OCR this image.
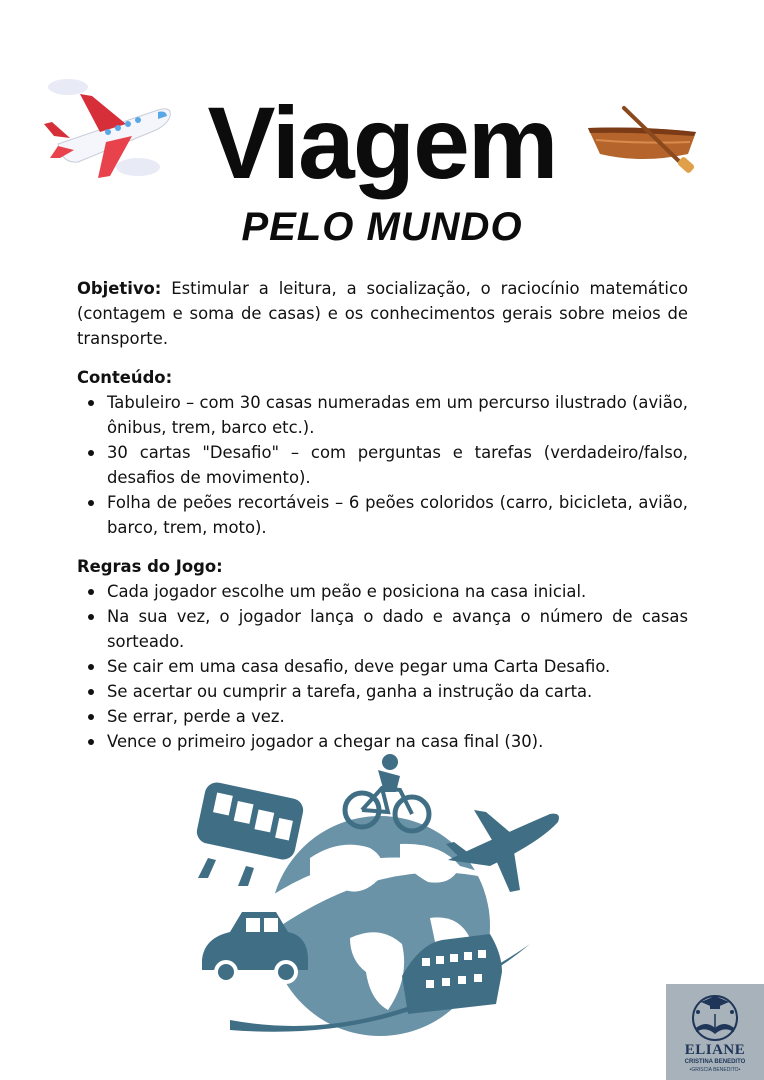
Viagem
PELO MUNDO

Objetivo: Estimular a leitura, a socialização, o raciocínio matemático (contagem e soma de casas) e os conhecimentos gerais sobre meios de transporte.

Conteúdo:
Tabuleiro – com 30 casas numeradas em um percurso ilustrado (avião, ônibus, trem, barco etc.).
30 cartas "Desafio" – com perguntas e tarefas (verdadeiro/falso, desafios de movimento).
Folha de peões recortáveis – 6 peões coloridos (carro, bicicleta, avião, barco, trem, moto).
Regras do Jogo:
Cada jogador escolhe um peão e posiciona na casa inicial.
Na sua vez, o jogador lança o dado e avança o número de casas sorteado.
Se cair em uma casa desafio, deve pegar uma Carta Desafio.
Se acertar ou cumprir a tarefa, ganha a instrução da carta.
Se errar, perde a vez.
Vence o primeiro jogador a chegar na casa final (30).
ELIANE
CRISTINA BENEDITO
•GRISCIA BENEDITO•
